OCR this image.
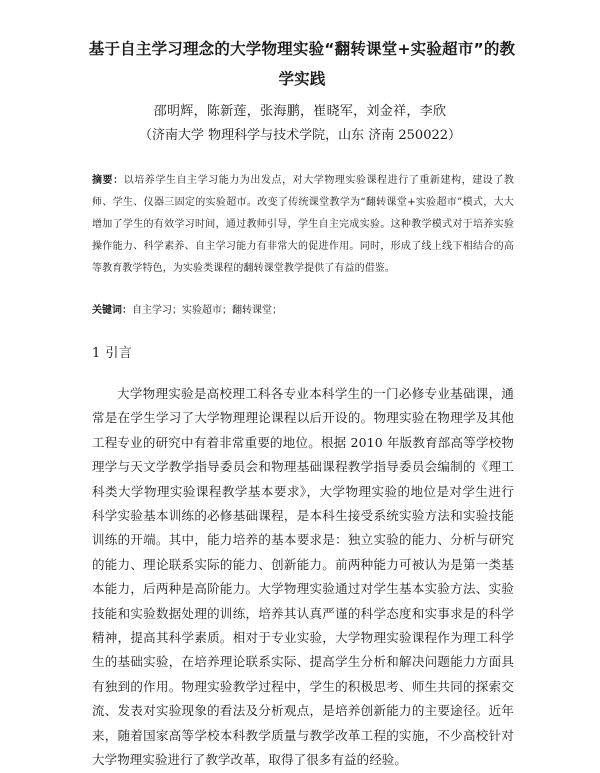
基于自主学习理念的大学物理实验“翻转课堂+实验超市”的教学实践
邵明辉，陈新莲，张海鹏，崔晓军，刘金祥，李欣
（济南大学 物理科学与技术学院，山东 济南 250022）
摘要：以培养学生自主学习能力为出发点，对大学物理实验课程进行了重新建构，建设了教师、学生、仪器三固定的实验超市。改变了传统课堂教学为“翻转课堂+实验超市”模式，大大增加了学生的有效学习时间，通过教师引导，学生自主完成实验。这种教学模式对于培养实验操作能力、科学素养、自主学习能力有非常大的促进作用。同时，形成了线上线下相结合的高等教育教学特色，为实验类课程的翻转课堂教学提供了有益的借鉴。
关键词：自主学习；实验超市；翻转课堂；
1 引言
大学物理实验是高校理工科各专业本科学生的一门必修专业基础课，通常是在学生学习了大学物理理论课程以后开设的。物理实验在物理学及其他工程专业的研究中有着非常重要的地位。根据 2010 年版教育部高等学校物理学与天文学教学指导委员会和物理基础课程教学指导委员会编制的《理工科类大学物理实验课程教学基本要求》，大学物理实验的地位是对学生进行科学实验基本训练的必修基础课程，是本科生接受系统实验方法和实验技能训练的开端。其中，能力培养的基本要求是：独立实验的能力、分析与研究的能力、理论联系实际的能力、创新能力。前两种能力可被认为是第一类基本能力，后两种是高阶能力。大学物理实验通过对学生基本实验方法、实验技能和实验数据处理的训练，培养其认真严谨的科学态度和实事求是的科学精神，提高其科学素质。相对于专业实验，大学物理实验课程作为理工科学生的基础实验，在培养理论联系实际、提高学生分析和解决问题能力方面具有独到的作用。物理实验教学过程中，学生的积极思考、师生共同的探索交流、发表对实验现象的看法及分析观点，是培养创新能力的主要途径。近年来，随着国家高等学校本科教学质量与教学改革工程的实施，不少高校针对大学物理实验进行了教学改革，取得了很多有益的经验。
